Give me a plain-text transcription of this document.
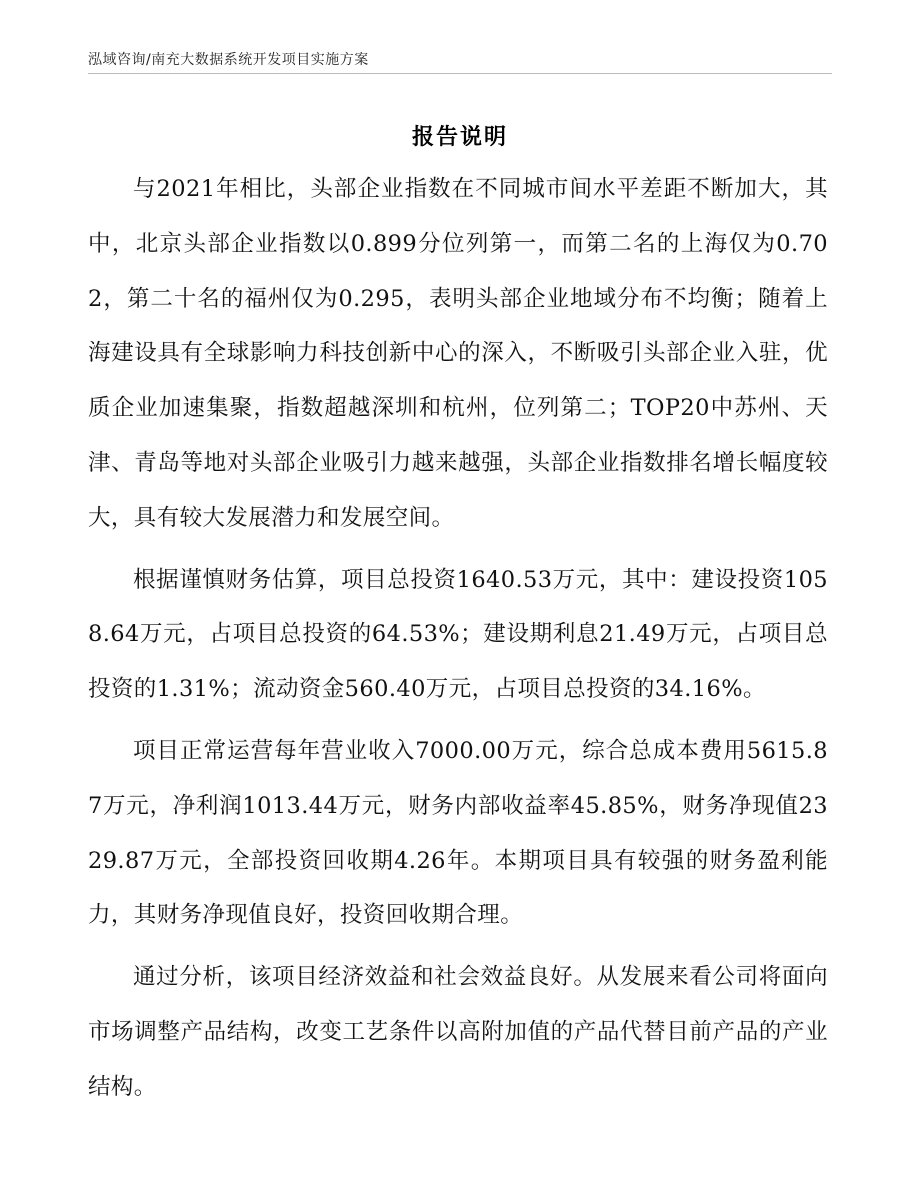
泓域咨询/南充大数据系统开发项目实施方案
报告说明

与2021年相比，头部企业指数在不同城市间水平差距不断加大，其中，北京头部企业指数以0.899分位列第一，而第二名的上海仅为0.702，第二十名的福州仅为0.295，表明头部企业地域分布不均衡；随着上海建设具有全球影响力科技创新中心的深入，不断吸引头部企业入驻，优质企业加速集聚，指数超越深圳和杭州，位列第二；TOP20中苏州、天津、青岛等地对头部企业吸引力越来越强，头部企业指数排名增长幅度较大，具有较大发展潜力和发展空间。

根据谨慎财务估算，项目总投资1640.53万元，其中：建设投资1058.64万元，占项目总投资的64.53%；建设期利息21.49万元，占项目总投资的1.31%；流动资金560.40万元，占项目总投资的34.16%。

项目正常运营每年营业收入7000.00万元，综合总成本费用5615.87万元，净利润1013.44万元，财务内部收益率45.85%，财务净现值2329.87万元，全部投资回收期4.26年。本期项目具有较强的财务盈利能力，其财务净现值良好，投资回收期合理。

通过分析，该项目经济效益和社会效益良好。从发展来看公司将面向市场调整产品结构，改变工艺条件以高附加值的产品代替目前产品的产业结构。
